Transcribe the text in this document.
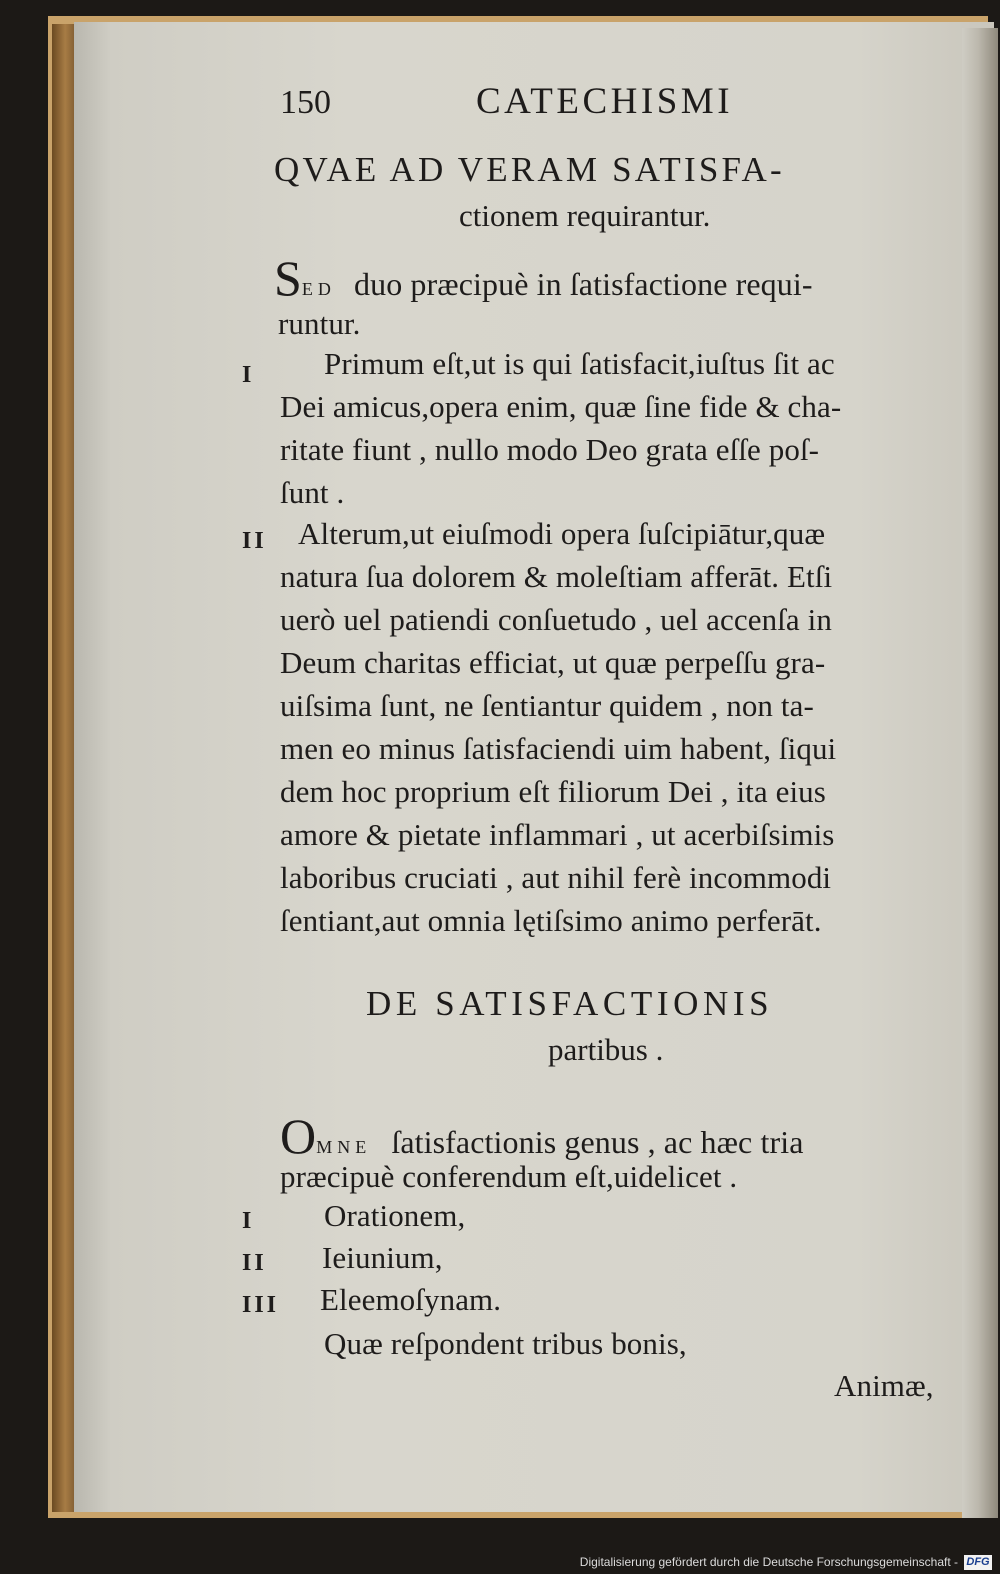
150	CATECHISMI
QVAE AD VERAM SATISFA-
ctionem requirantur.
SED duo præcipuè in ſatisfactione requi-
runtur.
I Primum eſt,ut is qui ſatisfacit,iuſtus ſit ac
Dei amicus,opera enim, quæ ſine fide & cha-
ritate fiunt , nullo modo Deo grata eſſe poſ-
ſunt .
II Alterum,ut eiuſmodi opera ſuſcipiātur,quæ
natura ſua dolorem & moleſtiam afferāt. Etſi
uerò uel patiendi conſuetudo , uel accenſa in
Deum charitas efficiat, ut quæ perpeſſu gra-
uiſsima ſunt, ne ſentiantur quidem , non ta-
men eo minus ſatisfaciendi uim habent, ſiqui
dem hoc proprium eſt filiorum Dei , ita eius
amore & pietate inflammari , ut acerbiſsimis
laboribus cruciati , aut nihil ferè incommodi
ſentiant,aut omnia lętiſsimo animo perferāt.
DE SATISFACTIONIS
partibus .
OMNE ſatisfactionis genus , ac hæc tria
præcipuè conferendum eſt,uidelicet .
I Orationem,
II Ieiunium,
III Eleemoſynam.
Quæ reſpondent tribus bonis,
Animæ,
Digitalisierung gefördert durch die Deutsche Forschungsgemeinschaft - DFG
